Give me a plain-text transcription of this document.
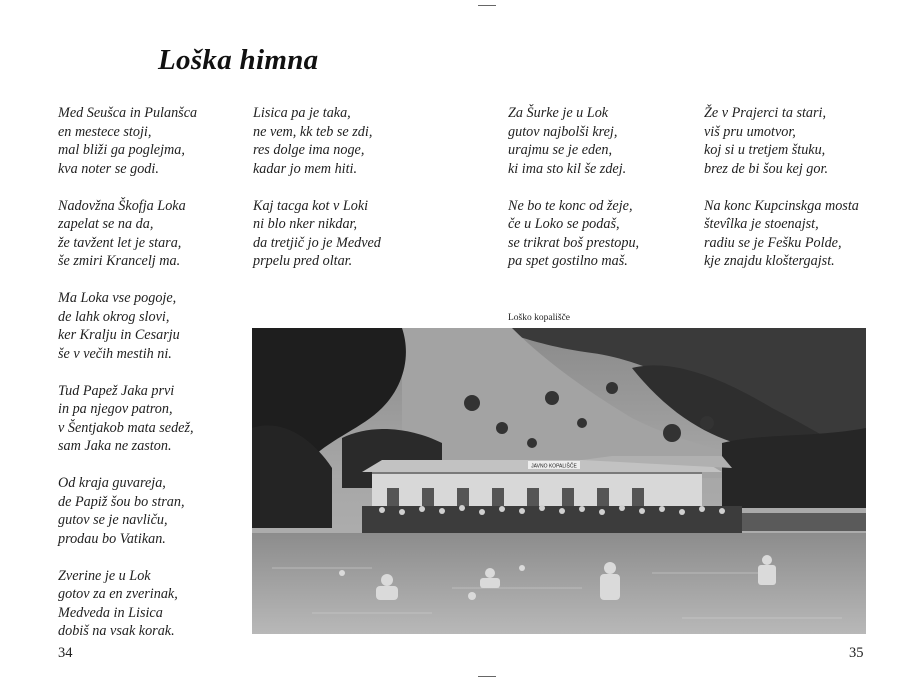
Loška himna
Med Seušca in Pulanšca
en mestece stoji,
mal bliži ga poglejma,
kva noter se godi.
Nadovžna Škofja Loka
zapelat se na da,
že tavžent let je stara,
še zmiri Krancelj ma.
Ma Loka vse pogoje,
de lahk okrog slovi,
ker Kralju in Cesarju
še v večih mestih ni.
Tud Papež Jaka prvi
in pa njegov patron,
v Šentjakob mata sedež,
sam Jaka ne zaston.
Od kraja guvareja,
de Papiž šou bo stran,
gutov se je navliču,
prodau bo Vatikan.
Zverine je u Lok
gotov za en zverinak,
Medveda in Lisica
dobiš na vsak korak.
Lisica pa je taka,
ne vem, kk teb se zdi,
res dolge ima noge,
kadar jo mem hiti.
Kaj tacga kot v Loki
ni blo nker nikdar,
da tretjič jo je Medved
prpelu pred oltar.
Za Šurke je u Lok
gutov najbolši krej,
urajmu se je eden,
ki ima sto kil še zdej.
Ne bo te konc od žeje,
če u Loko se podaš,
se trikrat boš prestopu,
pa spet gostilno maš.
Že v Prajerci ta stari,
viš pru umotvor,
koj si u tretjem štuku,
brez de bi šou kej gor.
Na konc Kupcinskga mosta
števîlka je stoenajst,
radiu se je Fešku Polde,
kje znajdu kloštergajst.
Loško kopališče
JAVNO KOPALIŠČE
34	35
